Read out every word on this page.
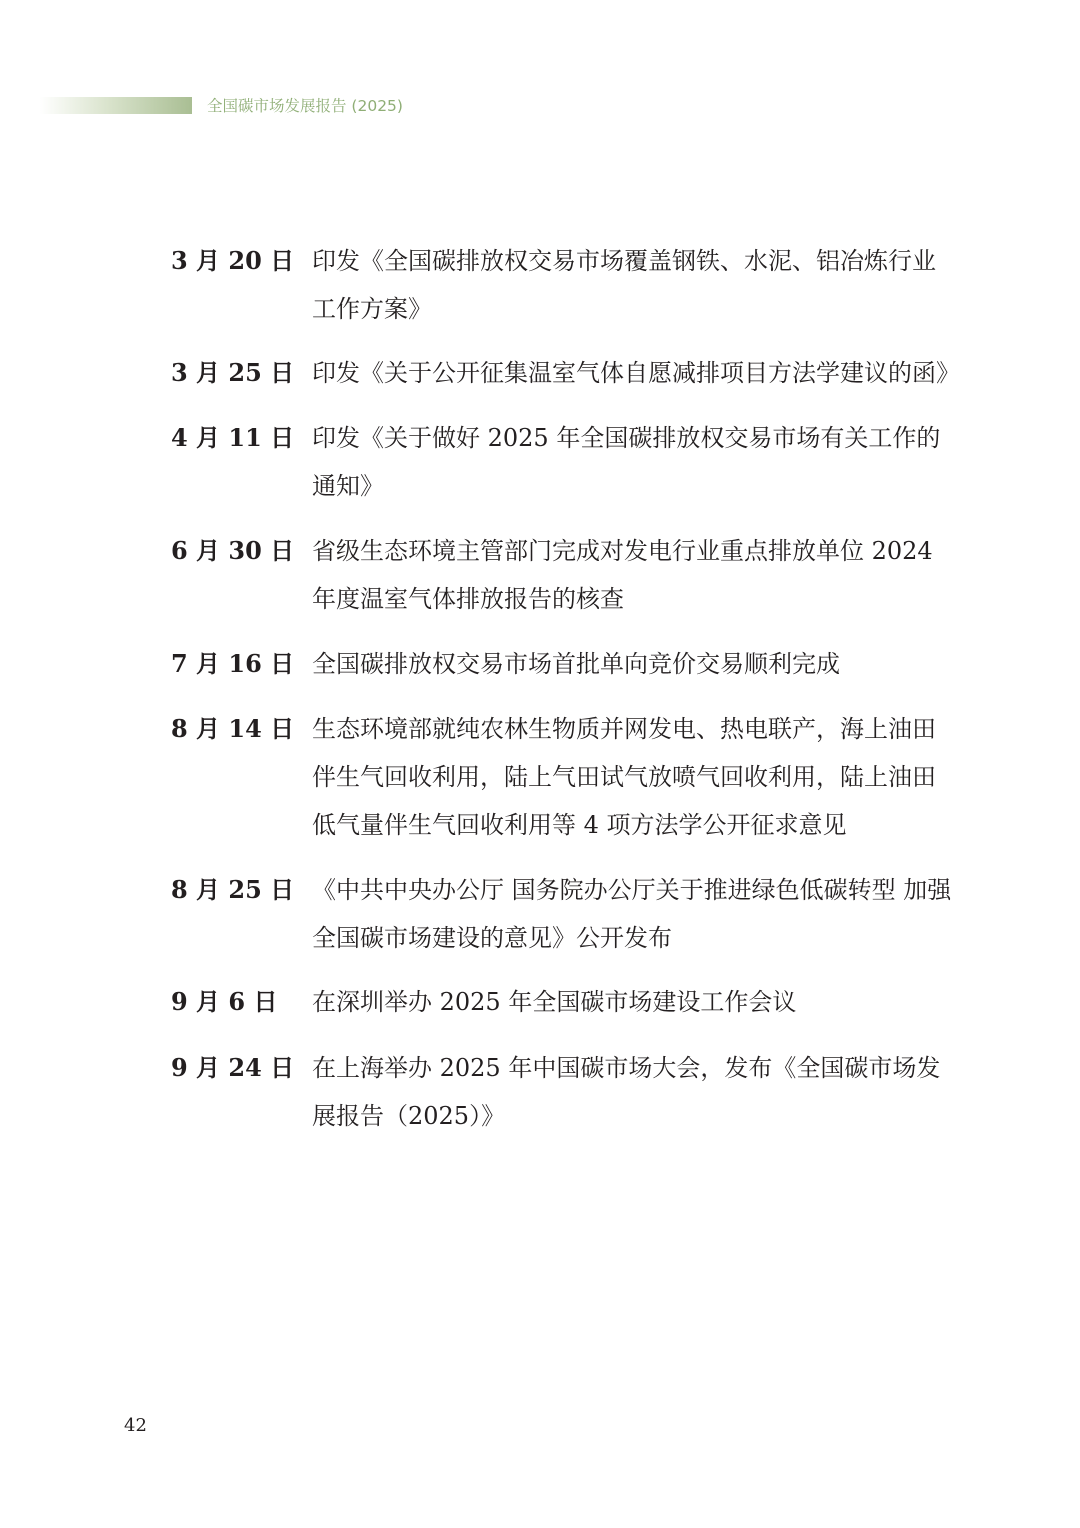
全国碳市场发展报告 (2025)
3 月 20 日 印发《全国碳排放权交易市场覆盖钢铁、水泥、铝冶炼行业
工作方案》
3 月 25 日 印发《关于公开征集温室气体自愿减排项目方法学建议的函》
4 月 11 日 印发《关于做好 2025 年全国碳排放权交易市场有关工作的
通知》
6 月 30 日 省级生态环境主管部门完成对发电行业重点排放单位 2024
年度温室气体排放报告的核查
7 月 16 日 全国碳排放权交易市场首批单向竞价交易顺利完成
8 月 14 日 生态环境部就纯农林生物质并网发电、热电联产，海上油田
伴生气回收利用，陆上气田试气放喷气回收利用，陆上油田
低气量伴生气回收利用等 4 项方法学公开征求意见
8 月 25 日 《中共中央办公厅 国务院办公厅关于推进绿色低碳转型 加强
全国碳市场建设的意见》公开发布
9 月 6 日	在深圳举办 2025 年全国碳市场建设工作会议
9 月 24 日 在上海举办 2025 年中国碳市场大会，发布《全国碳市场发
展报告（2025）》
42
